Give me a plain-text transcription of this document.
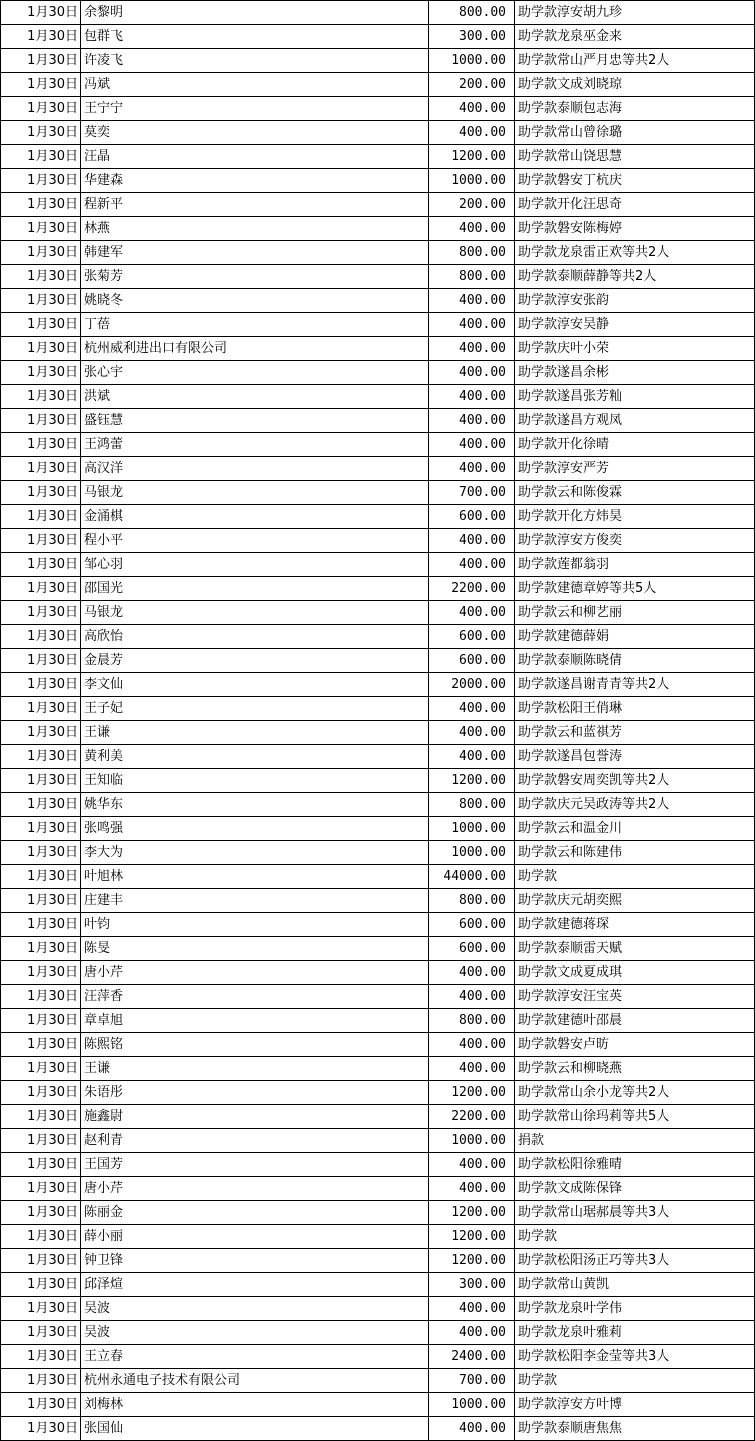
1月30日	余黎明	800.00	助学款淳安胡九珍
1月30日	包群飞	300.00	助学款龙泉巫金来
1月30日	许凌飞	1000.00	助学款常山严月忠等共2人
1月30日	冯斌	200.00	助学款文成刘晓琼
1月30日	王宁宁	400.00	助学款泰顺包志海
1月30日	莫奕	400.00	助学款常山曾徐璐
1月30日	汪晶	1200.00	助学款常山饶思慧
1月30日	华建森	1000.00	助学款磐安丁杭庆
1月30日	程新平	200.00	助学款开化汪思奇
1月30日	林燕	400.00	助学款磐安陈梅婷
1月30日	韩建军	800.00	助学款龙泉雷正欢等共2人
1月30日	张菊芳	800.00	助学款泰顺薛静等共2人
1月30日	姚晓冬	400.00	助学款淳安张韵
1月30日	丁蓓	400.00	助学款淳安吴静
1月30日	杭州威利进出口有限公司	400.00	助学款庆叶小荣
1月30日	张心宇	400.00	助学款遂昌余彬
1月30日	洪斌	400.00	助学款遂昌张芳籼
1月30日	盛钰慧	400.00	助学款遂昌方观凤
1月30日	王鸿蕾	400.00	助学款开化徐晴
1月30日	高汉洋	400.00	助学款淳安严芳
1月30日	马银龙	700.00	助学款云和陈俊霖
1月30日	金涌棋	600.00	助学款开化方炜昊
1月30日	程小平	400.00	助学款淳安方俊奕
1月30日	邹心羽	400.00	助学款莲都翁羽
1月30日	邵国光	2200.00	助学款建德章婷等共5人
1月30日	马银龙	400.00	助学款云和柳艺丽
1月30日	高欣怡	600.00	助学款建德薛娟
1月30日	金晨芳	600.00	助学款泰顺陈晓倩
1月30日	李文仙	2000.00	助学款遂昌谢青青等共2人
1月30日	王子妃	400.00	助学款松阳王俏琳
1月30日	王谦	400.00	助学款云和蓝祺芳
1月30日	黄利美	400.00	助学款遂昌包誉涛
1月30日	王知临	1200.00	助学款磐安周奕凯等共2人
1月30日	姚华东	800.00	助学款庆元吴政涛等共2人
1月30日	张鸣强	1000.00	助学款云和温金川
1月30日	李大为	1000.00	助学款云和陈建伟
1月30日	叶旭林	44000.00	助学款
1月30日	庄建丰	800.00	助学款庆元胡奕熙
1月30日	叶钧	600.00	助学款建德蒋琛
1月30日	陈旻	600.00	助学款泰顺雷天赋
1月30日	唐小芹	400.00	助学款文成夏成琪
1月30日	汪萍香	400.00	助学款淳安汪宝英
1月30日	章卓旭	800.00	助学款建德叶邵晨
1月30日	陈熙铭	400.00	助学款磐安卢昉
1月30日	王谦	400.00	助学款云和柳晓燕
1月30日	朱语彤	1200.00	助学款常山余小龙等共2人
1月30日	施鑫尉	2200.00	助学款常山徐玛莉等共5人
1月30日	赵利青	1000.00	捐款
1月30日	王国芳	400.00	助学款松阳徐雅晴
1月30日	唐小芹	400.00	助学款文成陈保锋
1月30日	陈丽金	1200.00	助学款常山琚郝晨等共3人
1月30日	薛小丽	1200.00	助学款
1月30日	钟卫锋	1200.00	助学款松阳汤正巧等共3人
1月30日	邱泽煊	300.00	助学款常山黄凯
1月30日	吴波	400.00	助学款龙泉叶学伟
1月30日	吴波	400.00	助学款龙泉叶雅莉
1月30日	王立春	2400.00	助学款松阳李金莹等共3人
1月30日	杭州永通电子技术有限公司	700.00	助学款
1月30日	刘梅林	1000.00	助学款淳安方叶博
1月30日	张国仙	400.00	助学款泰顺唐焦焦
